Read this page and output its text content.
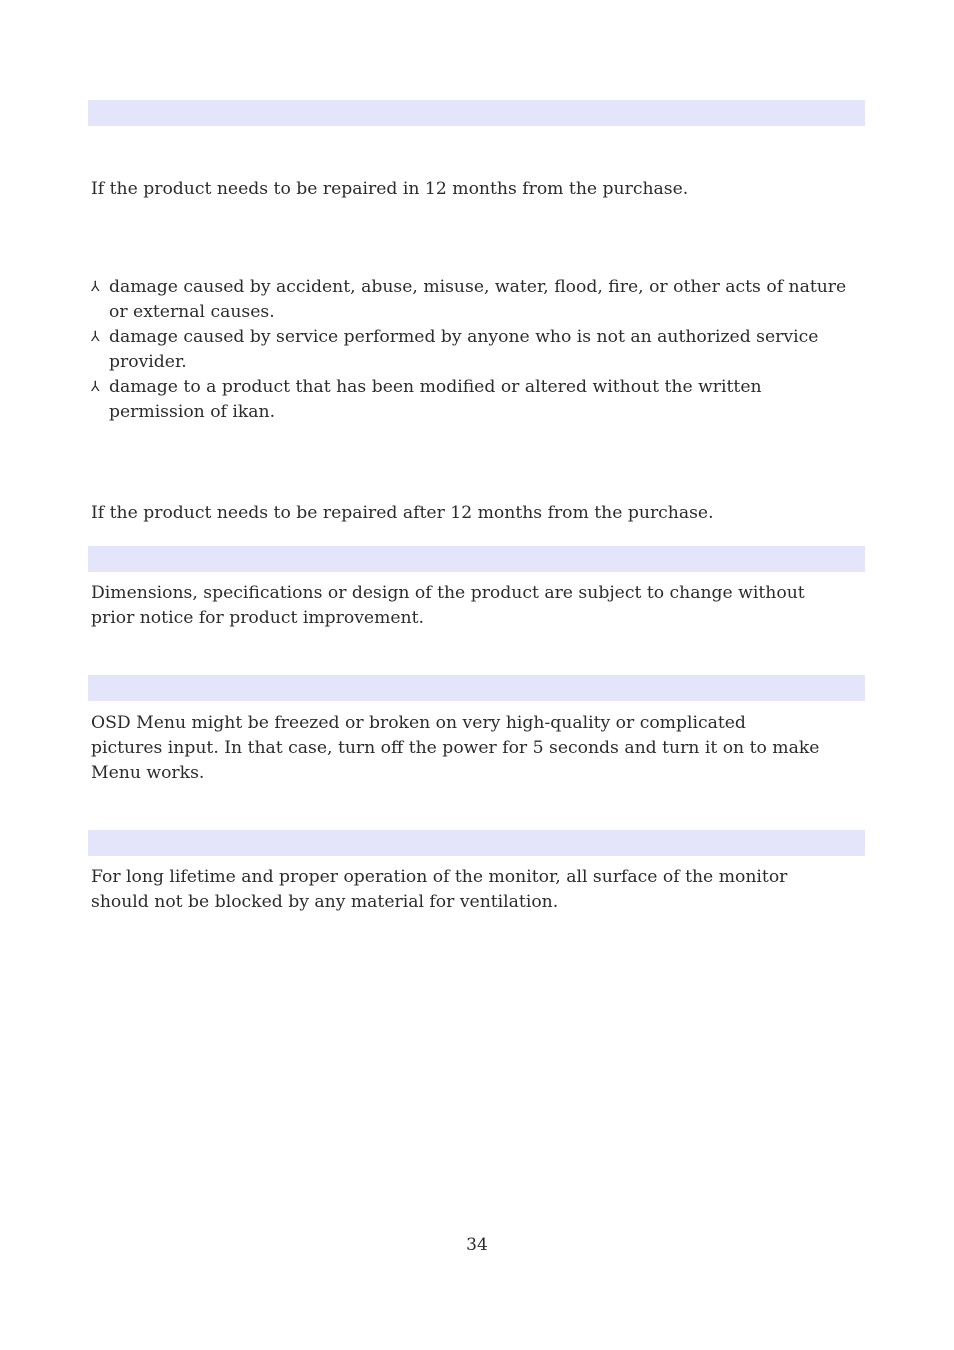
If the product needs to be repaired in 12 months from the purchase.

⅄ damage caused by accident, abuse, misuse, water, flood, fire, or other acts of nature or external causes.
⅄ damage caused by service performed by anyone who is not an authorized service provider.
⅄ damage to a product that has been modified or altered without the written permission of ikan.

If the product needs to be repaired after 12 months from the purchase.

Dimensions, specifications or design of the product are subject to change without
prior notice for product improvement.

OSD Menu might be freezed or broken on very high-quality or complicated
pictures input. In that case, turn off the power for 5 seconds and turn it on to make
Menu works.

For long lifetime and proper operation of the monitor, all surface of the monitor
should not be blocked by any material for ventilation.

34
